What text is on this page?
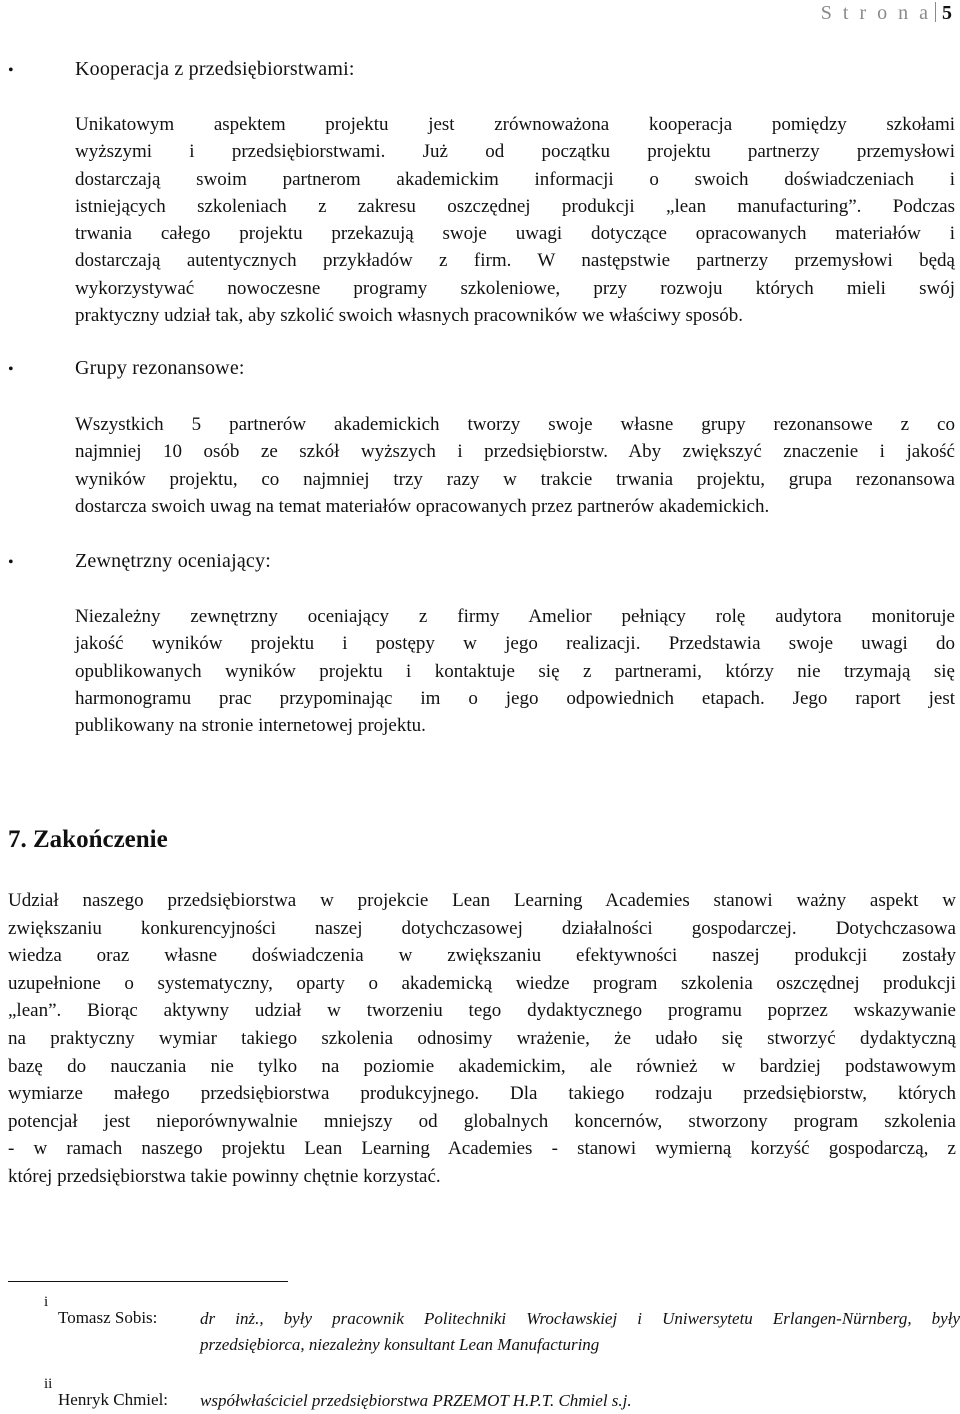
S t r o n a 5
•	Kooperacja z przedsiębiorstwami:
Unikatowym aspektem projektu jest zrównoważona kooperacja pomiędzy szkołami
wyższymi i przedsiębiorstwami. Już od początku projektu partnerzy przemysłowi
dostarczają swoim partnerom akademickim informacji o swoich doświadczeniach i
istniejących szkoleniach z zakresu oszczędnej produkcji „lean manufacturing”. Podczas
trwania całego projektu przekazują swoje uwagi dotyczące opracowanych materiałów i
dostarczają autentycznych przykładów z firm. W następstwie partnerzy przemysłowi będą
wykorzystywać nowoczesne programy szkoleniowe, przy rozwoju których mieli swój
praktyczny udział tak, aby szkolić swoich własnych pracowników we właściwy sposób.
•	Grupy rezonansowe:
Wszystkich 5 partnerów akademickich tworzy swoje własne grupy rezonansowe z co
najmniej 10 osób ze szkół wyższych i przedsiębiorstw. Aby zwiększyć znaczenie i jakość
wyników projektu, co najmniej trzy razy w trakcie trwania projektu, grupa rezonansowa
dostarcza swoich uwag na temat materiałów opracowanych przez partnerów akademickich.
•	Zewnętrzny oceniający:
Niezależny zewnętrzny oceniający z firmy Amelior pełniący rolę audytora monitoruje
jakość wyników projektu i postępy w jego realizacji. Przedstawia swoje uwagi do
opublikowanych wyników projektu i kontaktuje się z partnerami, którzy nie trzymają się
harmonogramu prac przypominając im o jego odpowiednich etapach. Jego raport jest
publikowany na stronie internetowej projektu.
7. Zakończenie
Udział naszego przedsiębiorstwa w projekcie Lean Learning Academies stanowi ważny aspekt w
zwiększaniu konkurencyjności naszej dotychczasowej działalności gospodarczej. Dotychczasowa
wiedza oraz własne doświadczenia w zwiększaniu efektywności naszej produkcji zostały
uzupełnione o systematyczny, oparty o akademicką wiedze program szkolenia oszczędnej produkcji
„lean”. Biorąc aktywny udział w tworzeniu tego dydaktycznego programu poprzez wskazywanie
na praktyczny wymiar takiego szkolenia odnosimy wrażenie, że udało się stworzyć dydaktyczną
bazę do nauczania nie tylko na poziomie akademickim, ale również w bardziej podstawowym
wymiarze małego przedsiębiorstwa produkcyjnego. Dla takiego rodzaju przedsiębiorstw, których
potencjał jest nieporównywalnie mniejszy od globalnych koncernów, stworzony program szkolenia
- w ramach naszego projektu Lean Learning Academies - stanowi wymierną korzyść gospodarczą, z
której przedsiębiorstwa takie powinny chętnie korzystać.
i
Tomasz Sobis:	dr inż., były pracownik Politechniki Wrocławskiej i Uniwersytetu Erlangen-Nürnberg, były
przedsiębiorca, niezależny konsultant Lean Manufacturing
ii
Henryk Chmiel: współwłaściciel przedsiębiorstwa PRZEMOT H.P.T. Chmiel s.j.
